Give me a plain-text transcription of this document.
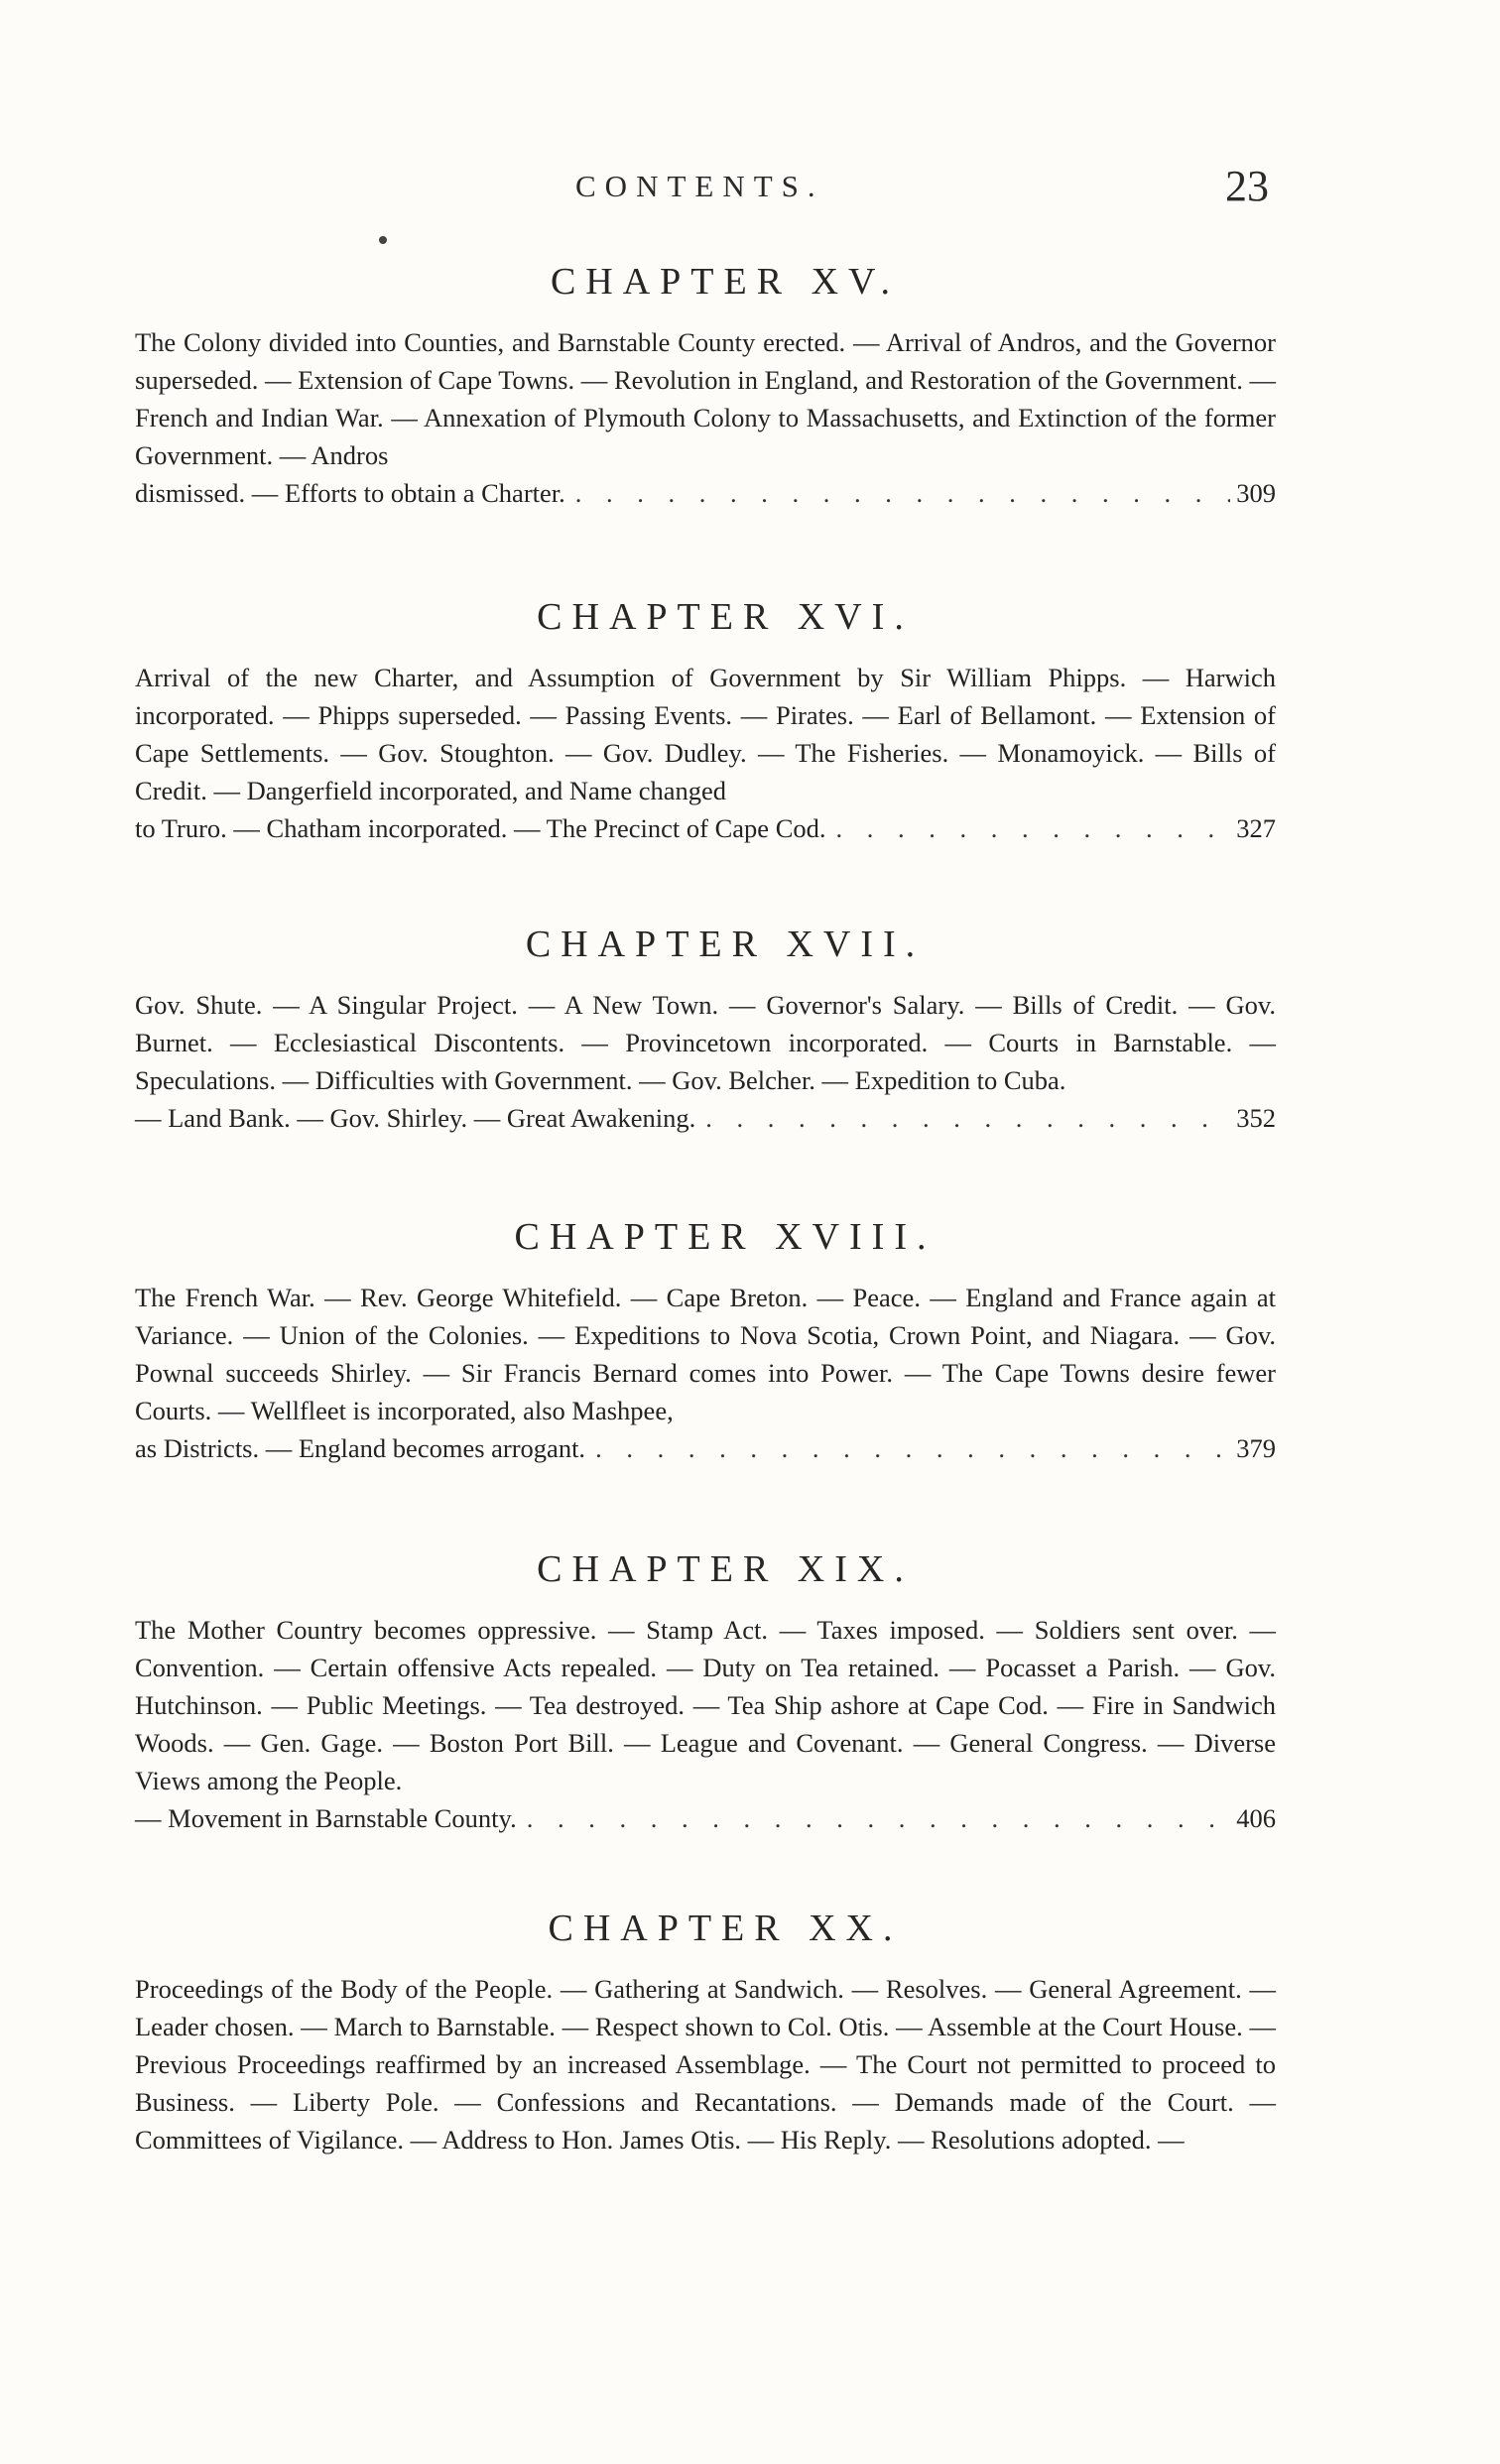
CONTENTS.	23
CHAPTER XV.

The Colony divided into Counties, and Barnstable County erected. — Arrival of Andros, and the Governor superseded. — Extension of Cape Towns. — Revolution in England, and Restoration of the Government. — French and Indian War. — Annexation of Plymouth Colony to Massachusetts, and Extinction of the former Government. — Andros

dismissed. — Efforts to obtain a Charter. . . .	309
CHAPTER XVI.

Arrival of the new Charter, and Assumption of Government by Sir William Phipps. — Harwich incorporated. — Phipps superseded. — Passing Events. — Pirates. — Earl of Bellamont. — Extension of Cape Settlements. — Gov. Stoughton. — Gov. Dudley. — The Fisheries. — Monamoyick. — Bills of Credit. — Dangerfield incorporated, and Name changed

to Truro. — Chatham incorporated. — The Precinct of Cape Cod. . . .	327
CHAPTER XVII.

Gov. Shute. — A Singular Project. — A New Town. — Governor's Salary. — Bills of Credit. — Gov. Burnet. — Ecclesiastical Discontents. — Provincetown incorporated. — Courts in Barnstable. — Speculations. — Difficulties with Government. — Gov. Belcher. — Expedition to Cuba.

— Land Bank. — Gov. Shirley. — Great Awakening. . . .	352
CHAPTER XVIII.

The French War. — Rev. George Whitefield. — Cape Breton. — Peace. — England and France again at Variance. — Union of the Colonies. — Expeditions to Nova Scotia, Crown Point, and Niagara. — Gov. Pownal succeeds Shirley. — Sir Francis Bernard comes into Power. — The Cape Towns desire fewer Courts. — Wellfleet is incorporated, also Mashpee,

as Districts. — England becomes arrogant. . . .	379
CHAPTER XIX.

The Mother Country becomes oppressive. — Stamp Act. — Taxes imposed. — Soldiers sent over. — Convention. — Certain offensive Acts repealed. — Duty on Tea retained. — Pocasset a Parish. — Gov. Hutchinson. — Public Meetings. — Tea destroyed. — Tea Ship ashore at Cape Cod. — Fire in Sandwich Woods. — Gen. Gage. — Boston Port Bill. — League and Covenant. — General Congress. — Diverse Views among the People.

— Movement in Barnstable County. . . .	406
CHAPTER XX.

Proceedings of the Body of the People. — Gathering at Sandwich. — Resolves. — General Agreement. — Leader chosen. — March to Barnstable. — Respect shown to Col. Otis. — Assemble at the Court House. — Previous Proceedings reaffirmed by an increased Assemblage. — The Court not permitted to proceed to Business. — Liberty Pole. — Confessions and Recantations. — Demands made of the Court. — Committees of Vigilance. — Address to Hon. James Otis. — His Reply. — Resolutions adopted. —
